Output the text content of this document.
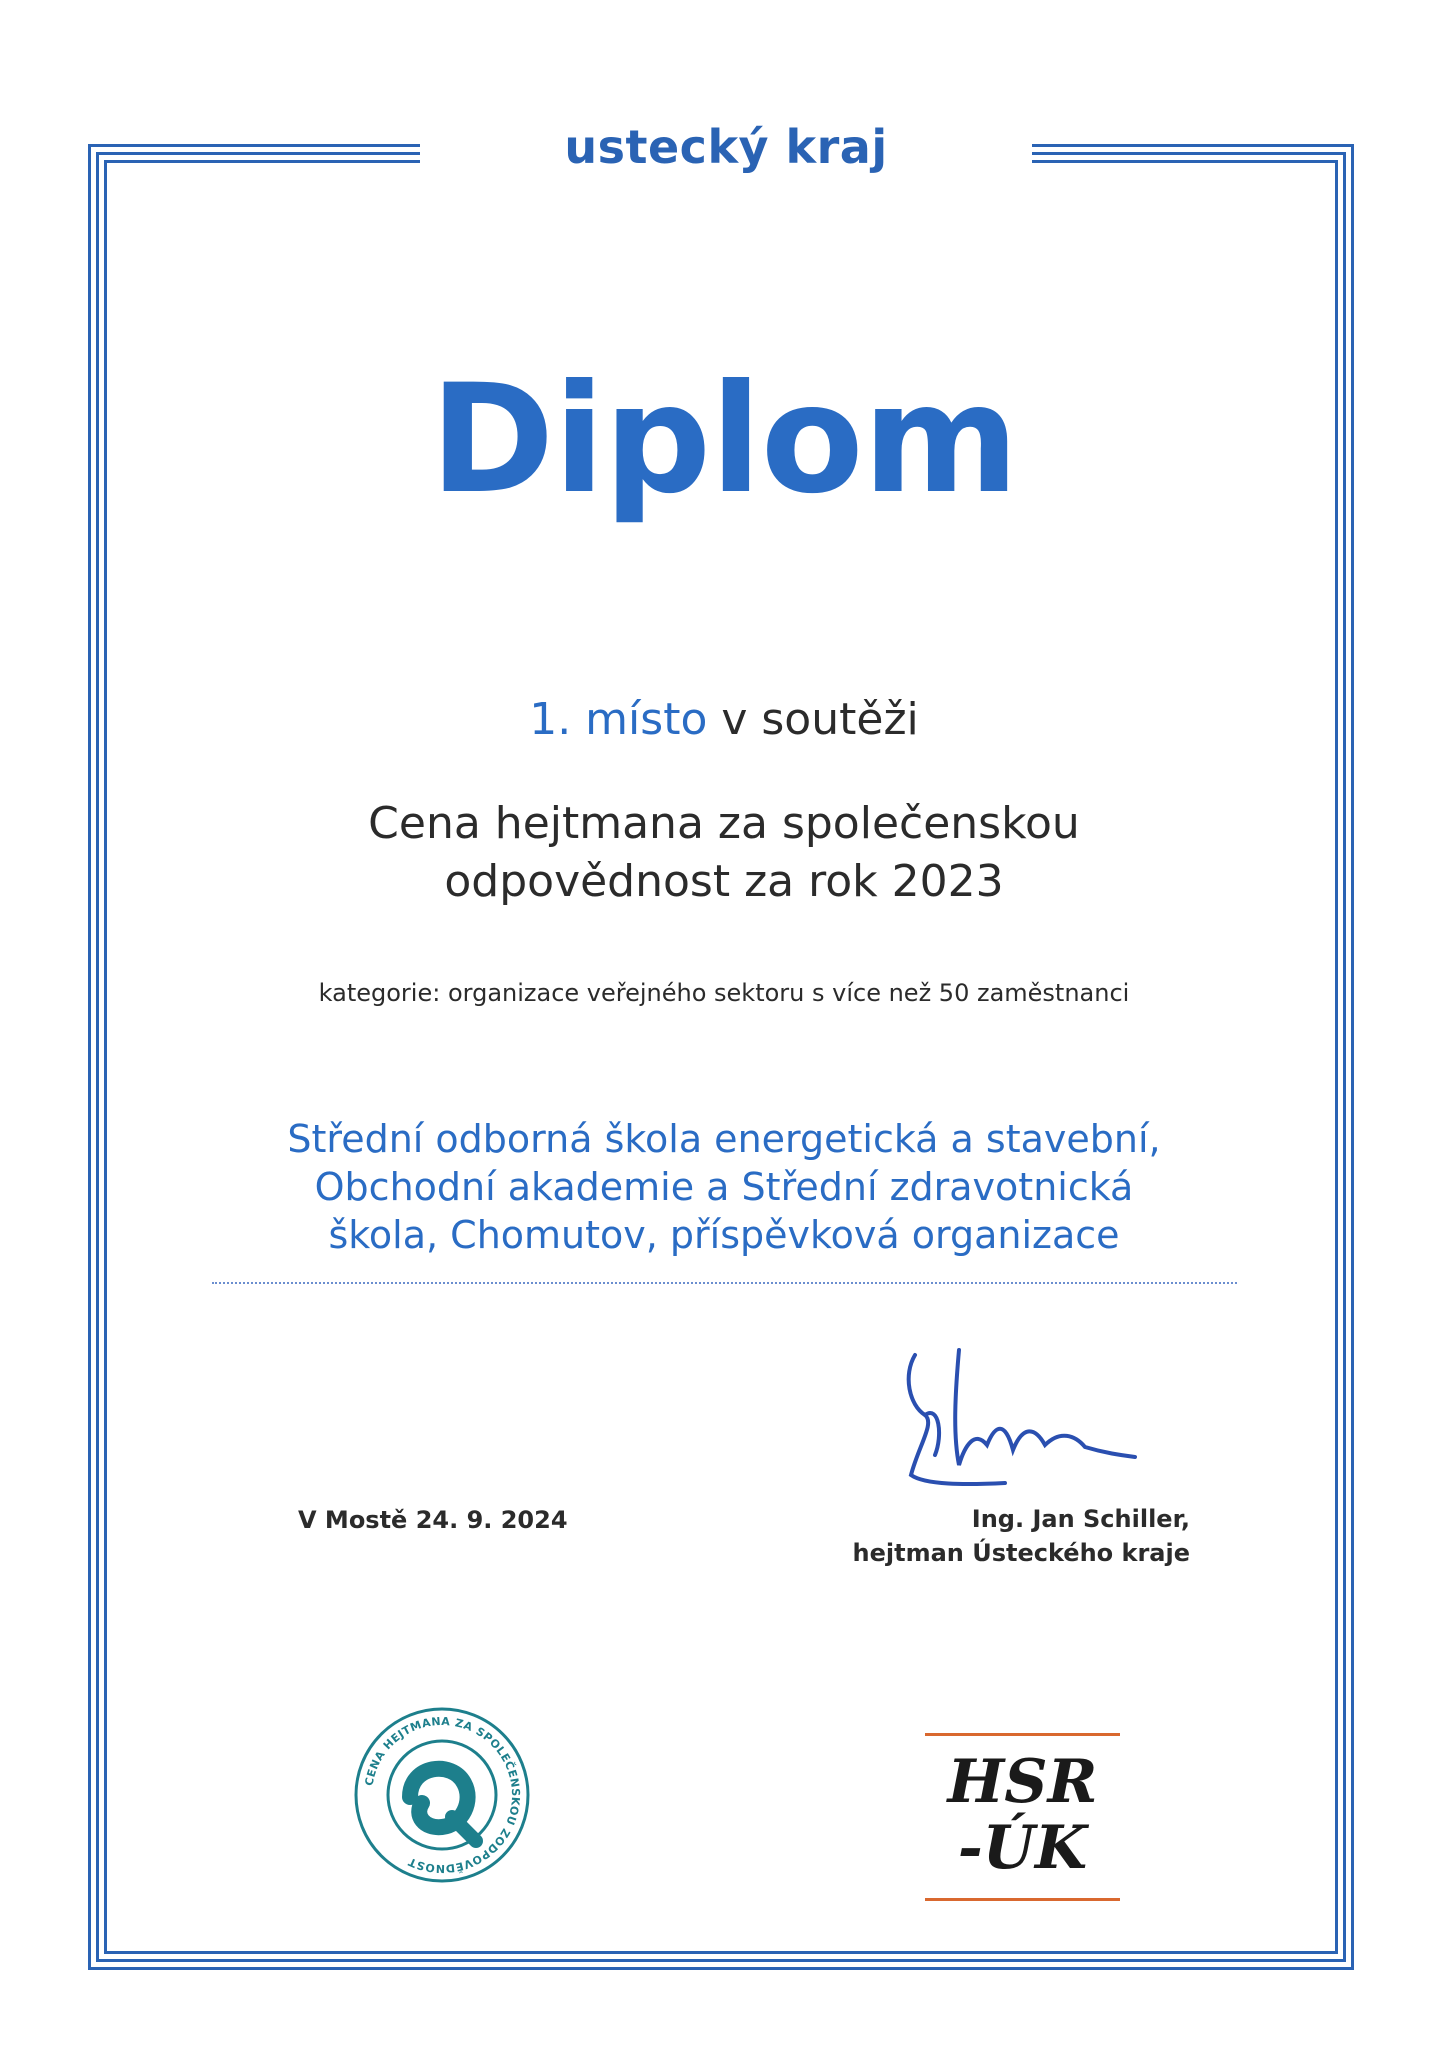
ustecký kraj
Diplom
1. místo v soutěži
Cena hejtmana za společenskou
odpovědnost za rok 2023
kategorie: organizace veřejného sektoru s více než 50 zaměstnanci
Střední odborná škola energetická a stavební,
Obchodní akademie a Střední zdravotnická
škola, Chomutov, příspěvková organizace
V Mostě 24. 9. 2024	Ing. Jan Schiller,
hejtman Ústeckého kraje
CENA HEJTMANA ZA SPOLEČENSKOU ZODPOVĚDNOST
HSR
-ÚK
